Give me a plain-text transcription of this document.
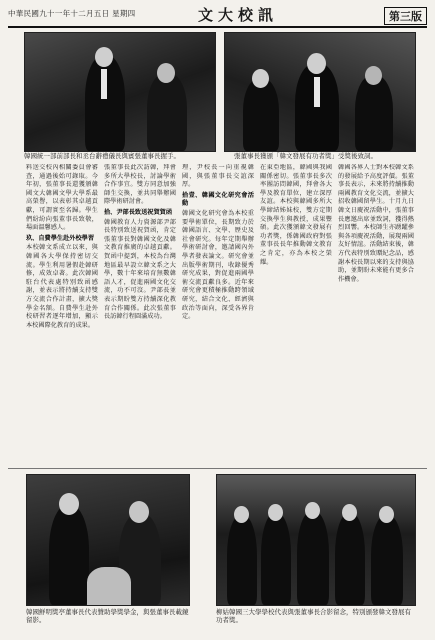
中華民國九十一年十二月五日 星期四	文大校訊	第三版
韓國統一部前部長和丞台辭禮儀長與賓張董事長握手。	張董事長獲頒「韓文發展有功者獎」受獎後致詞。
料送交校內相關委員會審查，通過後始可錄取。今年初，張董事長還獲頒韓國文大韓國文學大學系最高榮譽，以表彰其卓越貢獻，可謂實至名歸。學生們紛紛向張董事長致敬，場面溫馨感人。
玖、自費學生赴外校學習
本校韓文系成立以來，與韓國各大學保持密切交流。學生利用暑假赴韓研修，成效卓著。此次韓國駐台代表處特別致函感謝，並表示將持續支持雙方交流合作計畫，擴大獎學金名額。自費學生赴外校研習者逐年增加，顯示本校國際化教育的成果。
張董事長此次訪韓，拜會多所大學校長，討論學術合作事宜。雙方同意加強師生交換，並共同舉辦國際學術研討會。
拾、尹部長致送祝賀賀函
韓國教育人力資源部尹部長特別致送祝賀函，肯定張董事長對韓國文化及韓文教育推廣的卓越貢獻。賀函中提到，本校為台灣地區最早設立韓文系之大學，數十年來培育無數韓語人才，促進兩國文化交流，功不可沒。尹部長並表示期盼雙方持續深化教育合作關係。此次張董事長訪韓行程圓滿成功。
理，尹校長一向重視韓國，與張董事長交誼深厚。
拾壹、韓國文化研究會活動
韓國文化研究會為本校重要學術單位，長期致力於韓國語言、文學、歷史及社會研究。每年定期舉辦學術研討會，邀請國內外學者發表論文。研究會並出版學術期刊，收錄優秀研究成果，對促進兩國學術交流貢獻良多。近年來研究會更積極推動跨領域研究，結合文化、經濟與政治等面向，深受各界肯定。
在東亞地區，韓國與我國關係密切。張董事長多次率團訪問韓國，拜會各大學及教育單位，建立深厚友誼。本校與韓國多所大學締結姊妹校，雙方定期交換學生與教授，成果豐碩。此次獲頒韓文發展有功者獎，係韓國政府對張董事長長年推動韓文教育之肯定，亦為本校之榮耀。
韓國各界人士對本校韓文系的發展給予高度評價。張董事長表示，未來將持續推動兩國教育文化交流，並擴大招收韓國留學生。十月九日韓文日慶祝活動中，張董事長應邀出席並致詞，獲得熱烈回響。本校師生亦踴躍參與各項慶祝活動，展現兩國友好情誼。活動結束後，韓方代表特別致贈紀念品，感謝本校長期以來的支持與協助，並期盼未來能有更多合作機會。
韓國鮮明獎亭董事長代表贊助學獎學金，與張董事長載鏡留影。
柳姑韓國三大學學校代表與張董事長合影留念，特別頒發韓文發展有功者獎。
